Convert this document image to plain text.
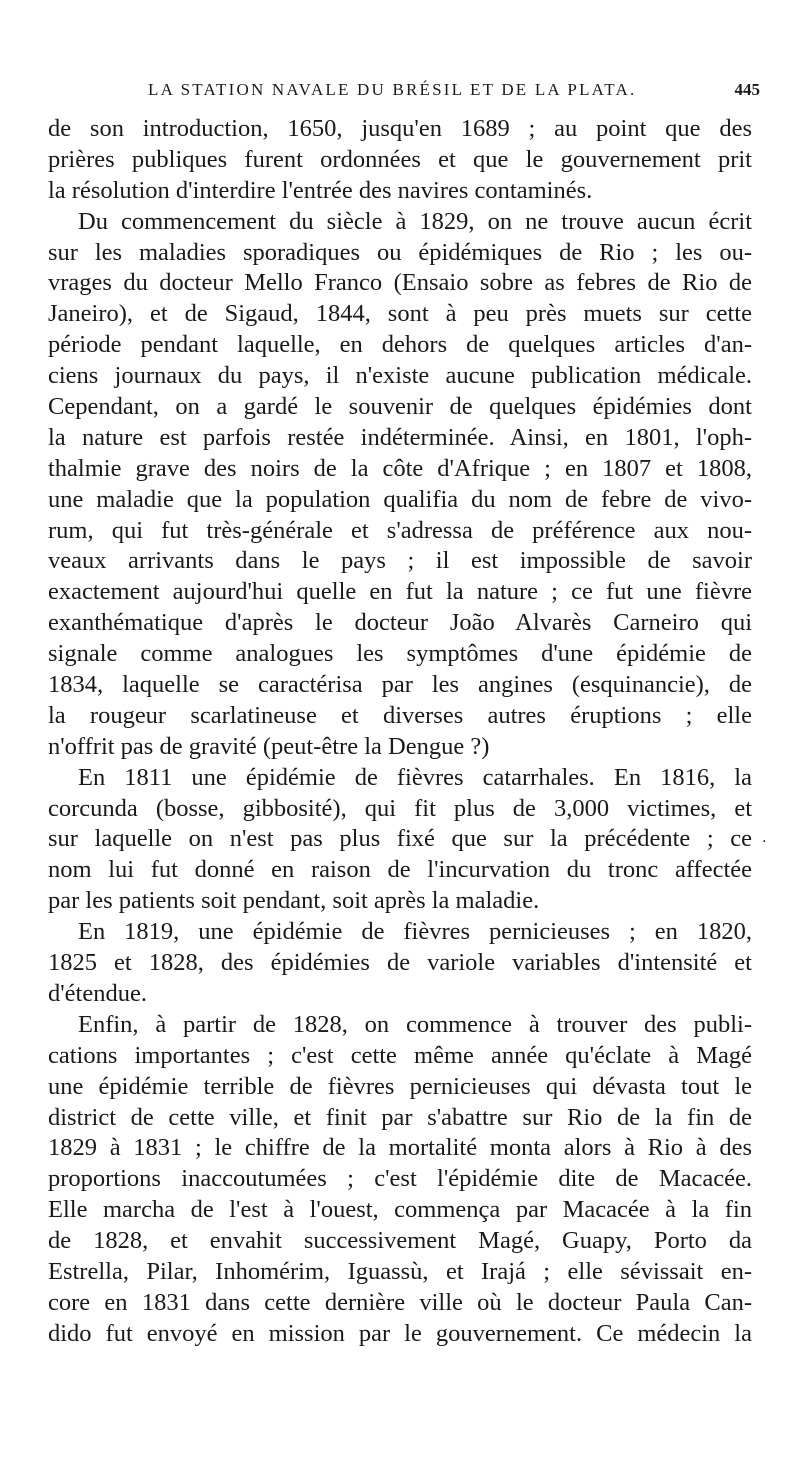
LA STATION NAVALE DU BRÉSIL ET DE LA PLATA.	445
de son introduction, 1650, jusqu'en 1689 ; au point que des
prières publiques furent ordonnées et que le gouvernement prit
la résolution d'interdire l'entrée des navires contaminés.
Du commencement du siècle à 1829, on ne trouve aucun écrit
sur les maladies sporadiques ou épidémiques de Rio ; les ou-
vrages du docteur Mello Franco (Ensaio sobre as febres de Rio de
Janeiro), et de Sigaud, 1844, sont à peu près muets sur cette
période pendant laquelle, en dehors de quelques articles d'an-
ciens journaux du pays, il n'existe aucune publication médicale.
Cependant, on a gardé le souvenir de quelques épidémies dont
la nature est parfois restée indéterminée. Ainsi, en 1801, l'oph-
thalmie grave des noirs de la côte d'Afrique ; en 1807 et 1808,
une maladie que la population qualifia du nom de febre de vivo-
rum, qui fut très-générale et s'adressa de préférence aux nou-
veaux arrivants dans le pays ; il est impossible de savoir
exactement aujourd'hui quelle en fut la nature ; ce fut une fièvre
exanthématique d'après le docteur João Alvarès Carneiro qui
signale comme analogues les symptômes d'une épidémie de
1834, laquelle se caractérisa par les angines (esquinancie), de
la rougeur scarlatineuse et diverses autres éruptions ; elle
n'offrit pas de gravité (peut-être la Dengue ?)
En 1811 une épidémie de fièvres catarrhales. En 1816, la
corcunda (bosse, gibbosité), qui fit plus de 3,000 victimes, et
sur laquelle on n'est pas plus fixé que sur la précédente ; ce
nom lui fut donné en raison de l'incurvation du tronc affectée
par les patients soit pendant, soit après la maladie.
En 1819, une épidémie de fièvres pernicieuses ; en 1820,
1825 et 1828, des épidémies de variole variables d'intensité et
d'étendue.
Enfin, à partir de 1828, on commence à trouver des publi-
cations importantes ; c'est cette même année qu'éclate à Magé
une épidémie terrible de fièvres pernicieuses qui dévasta tout le
district de cette ville, et finit par s'abattre sur Rio de la fin de
1829 à 1831 ; le chiffre de la mortalité monta alors à Rio à des
proportions inaccoutumées ; c'est l'épidémie dite de Macacée.
Elle marcha de l'est à l'ouest, commença par Macacée à la fin
de 1828, et envahit successivement Magé, Guapy, Porto da
Estrella, Pilar, Inhomérim, Iguassù, et Irajá ; elle sévissait en-
core en 1831 dans cette dernière ville où le docteur Paula Can-
dido fut envoyé en mission par le gouvernement. Ce médecin la
.
